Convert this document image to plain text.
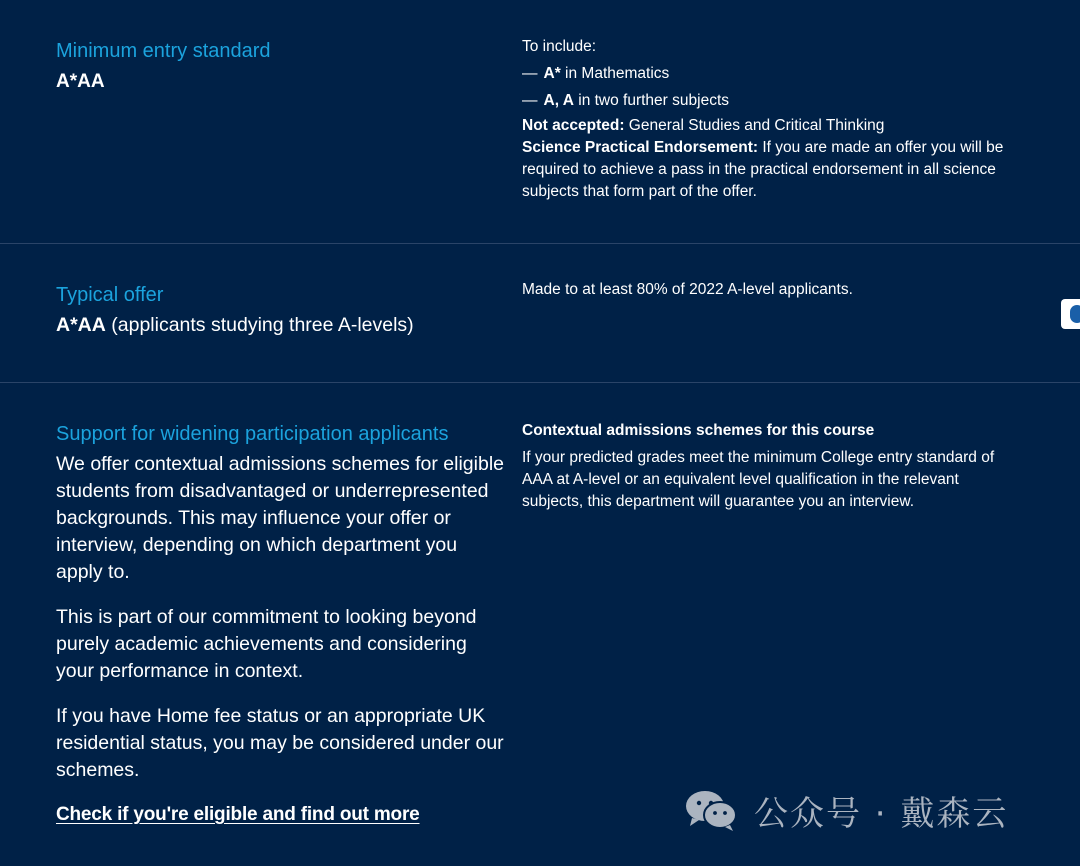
Minimum entry standard
A*AA
To include:
— A* in Mathematics
— A, A in two further subjects
Not accepted: General Studies and Critical Thinking
Science Practical Endorsement: If you are made an offer you will be required to achieve a pass in the practical endorsement in all science subjects that form part of the offer.
Typical offer
A*AA (applicants studying three A-levels)
Made to at least 80% of 2022 A-level applicants.
Support for widening participation applicants

We offer contextual admissions schemes for eligible students from disadvantaged or underrepresented backgrounds. This may influence your offer or interview, depending on which department you apply to.

This is part of our commitment to looking beyond purely academic achievements and considering your performance in context.

If you have Home fee status or an appropriate UK residential status, you may be considered under our schemes.

Check if you're eligible and find out more
Contextual admissions schemes for this course
If your predicted grades meet the minimum College entry standard of AAA at A-level or an equivalent level qualification in the relevant subjects, this department will guarantee you an interview.
公众号 · 戴森云
